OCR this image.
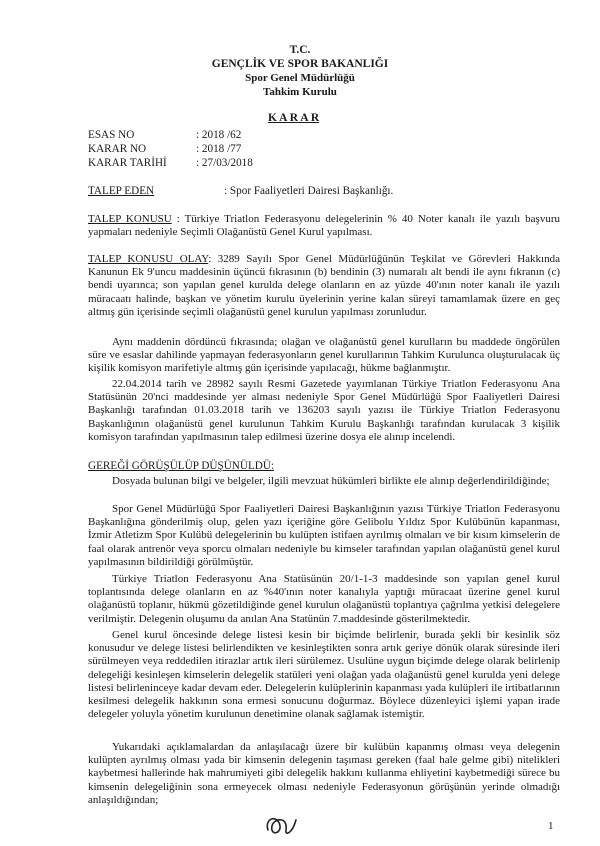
T.C.
GENÇLİK VE SPOR BAKANLIĞI
Spor Genel Müdürlüğü
Tahkim Kurulu
K A R A R
ESAS NO	: 2018 /62
KARAR NO	: 2018 /77
KARAR TARİHİ	: 27/03/2018
TALEP EDEN	: Spor Faaliyetleri Dairesi Başkanlığı.
TALEP KONUSU : Türkiye Triatlon Federasyonu delegelerinin % 40 Noter kanalı ile yazılı başvuru yapmaları nedeniyle Seçimli Olağanüstü Genel Kurul yapılması.
TALEP KONUSU OLAY: 3289 Sayılı Spor Genel Müdürlüğünün Teşkilat ve Görevleri Hakkında Kanunun Ek 9'uncu maddesinin üçüncü fıkrasının (b) bendinin (3) numaralı alt bendi ile aynı fıkranın (c) bendi uyarınca; son yapılan genel kurulda delege olanların en az yüzde 40'ının noter kanalı ile yazılı müracaatı halinde, başkan ve yönetim kurulu üyelerinin yerine kalan süreyi tamamlamak üzere en geç altmış gün içerisinde seçimli olağanüstü genel kurulun yapılması zorunludur.
Aynı maddenin dördüncü fıkrasında; olağan ve olağanüstü genel kurulların bu maddede öngörülen süre ve esaslar dahilinde yapmayan federasyonların genel kurullarının Tahkim Kurulunca oluşturulacak üç kişilik komisyon marifetiyle altmış gün içerisinde yapılacağı, hükme bağlanmıştır.
22.04.2014 tarih ve 28982 sayılı Resmi Gazetede yayımlanan Türkiye Triatlon Federasyonu Ana Statüsünün 20'nci maddesinde yer alması nedeniyle Spor Genel Müdürlüğü Spor Faaliyetleri Dairesi Başkanlığı tarafından 01.03.2018 tarih ve 136203 sayılı yazısı ile Türkiye Triatlon Federasyonu Başkanlığının olağanüstü genel kurulunun Tahkim Kurulu Başkanlığı tarafından kurulacak 3 kişilik komisyon tarafından yapılmasının talep edilmesi üzerine dosya ele alınıp incelendi.
GEREĞİ GÖRÜŞÜLÜP DÜŞÜNÜLDÜ:
Dosyada bulunan bilgi ve belgeler, ilgili mevzuat hükümleri birlikte ele alınıp değerlendirildiğinde;
Spor Genel Müdürlüğü Spor Faaliyetleri Dairesi Başkanlığının yazısı Türkiye Triatlon Federasyonu Başkanlığına gönderilmiş olup, gelen yazı içeriğine göre Gelibolu Yıldız Spor Kulübünün kapanması, İzmir Atletizm Spor Kulübü delegelerinin bu kulüpten istifaen ayrılmış olmaları ve bir kısım kimselerin de faal olarak antrenör veya sporcu olmaları nedeniyle bu kimseler tarafından yapılan olağanüstü genel kurul yapılmasının bildirildiği görülmüştür.
Türkiye Triatlon Federasyonu Ana Statüsünün 20/1-1-3 maddesinde son yapılan genel kurul toplantısında delege olanların en az %40'ının noter kanalıyla yaptığı müracaat üzerine genel kurul olağanüstü toplanır, hükmü gözetildiğinde genel kurulun olağanüstü toplantıya çağrılma yetkisi delegelere verilmiştir. Delegenin oluşumu da anılan Ana Statünün 7.maddesinde gösterilmektedir.
Genel kurul öncesinde delege listesi kesin bir biçimde belirlenir, burada şekli bir kesinlik söz konusudur ve delege listesi belirlendikten ve kesinleştikten sonra artık geriye dönük olarak süresinde ileri sürülmeyen veya reddedilen itirazlar artık ileri sürülemez. Usulüne uygun biçimde delege olarak belirlenip delegeliği kesinleşen kimselerin delegelik statüleri yeni olağan yada olağanüstü genel kurulda yeni delege listesi belirleninceye kadar devam eder. Delegelerin kulüplerinin kapanması yada kulüpleri ile irtibatlarının kesilmesi delegelik hakkının sona ermesi sonucunu doğurmaz. Böylece düzenleyici işlemi yapan irade delegeler yoluyla yönetim kurulunun denetimine olanak sağlamak istemiştir.
Yukarıdaki açıklamalardan da anlaşılacağı üzere bir kulübün kapanmış olması veya delegenin kulüpten ayrılmış olması yada bir kimsenin delegenin taşıması gereken (faal hale gelme gibi) nitelikleri kaybetmesi hallerinde hak mahrumiyeti gibi delegelik hakkını kullanma ehliyetini kaybetmediği sürece bu kimsenin delegeliğinin sona ermeyecek olması nedeniyle Federasyonun görüşünün yerinde olmadığı anlaşıldığından;
1
